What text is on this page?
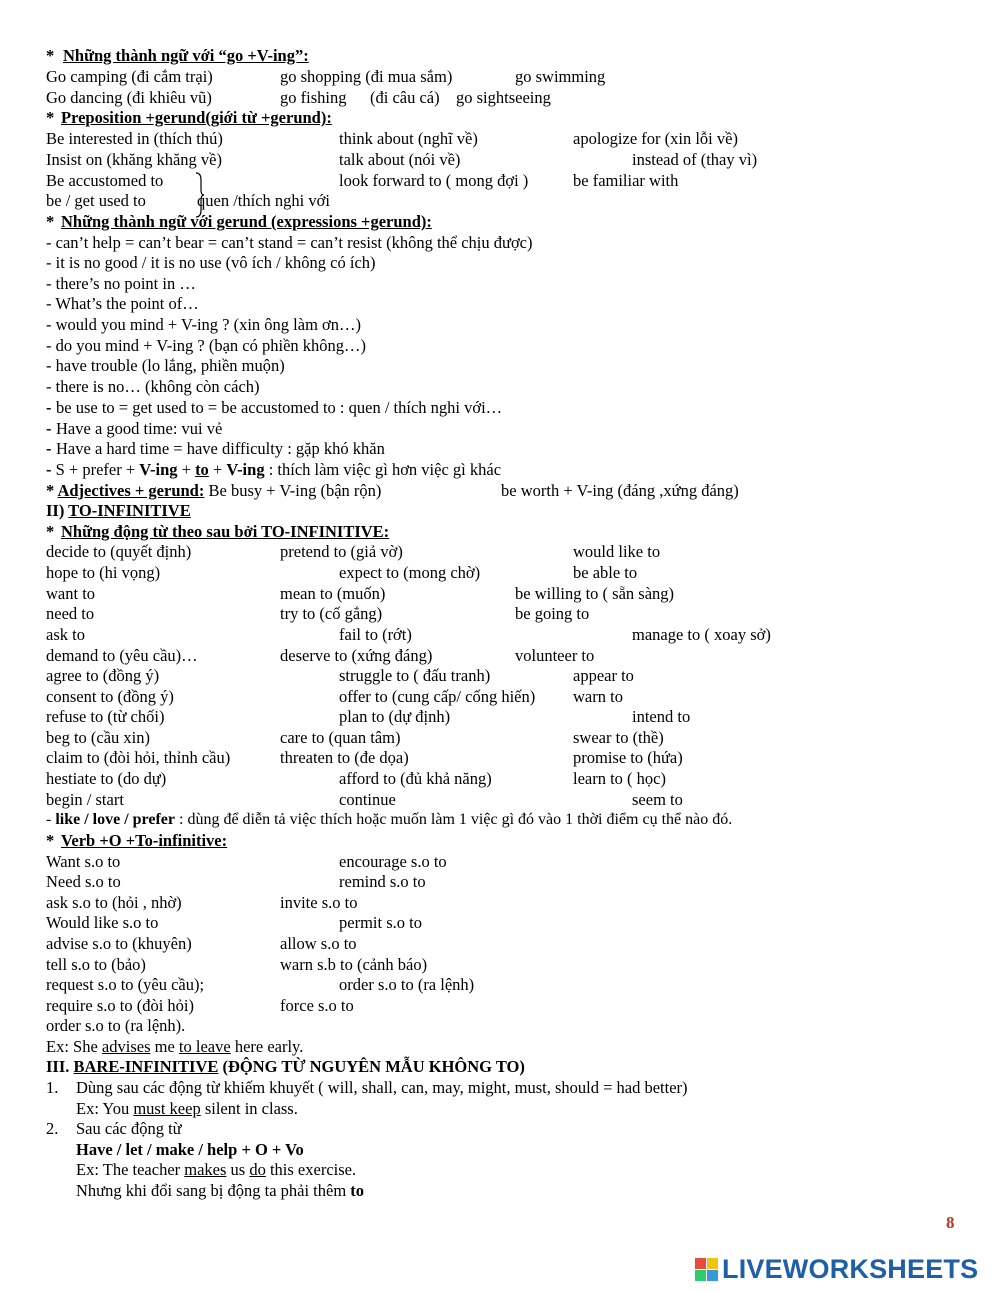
* Những thành ngữ với “go +V-ing”:
Go camping (đi cắm trại)	go shopping (đi mua sắm)	go swimming
Go dancing (đi khiêu vũ)	go fishing (đi câu cá) go sightseeing
* Preposition +gerund(giới từ +gerund):
Be interested in (thích thú)	think about (nghĩ về)	apologize for (xin lỗi về)
Insist on (khăng khăng về)	talk about (nói về)	instead of (thay vì)
Be accustomed to	look forward to ( mong đợi )	be familiar with
be / get used to	quen /thích nghi với
* Những thành ngữ với gerund (expressions +gerund):
- can’t help = can’t bear = can’t stand = can’t resist (không thể chịu được)
- it is no good / it is no use (vô ích / không có ích)
- there’s no point in …
- What’s the point of…
- would you mind + V-ing ? (xin ông làm ơn…)
- do you mind + V-ing ? (bạn có phiền không…)
- have trouble (lo lắng, phiền muộn)
- there is no… (không còn cách)
- be use to = get used to = be accustomed to : quen / thích nghi với…
- Have a good time: vui vẻ
- Have a hard time = have difficulty : gặp khó khăn
- S + prefer + V-ing + to + V-ing : thích làm việc gì hơn việc gì khác
* Adjectives + gerund: Be busy + V-ing (bận rộn)	be worth + V-ing (đáng ,xứng đáng)
II) TO-INFINITIVE
* Những động từ theo sau bởi TO-INFINITIVE:
decide to (quyết định)	pretend to (giả vờ)	would like to
hope to (hi vọng)	expect to (mong chờ)	be able to
want to	mean to (muốn)	be willing to ( sẵn sàng)
need to	try to (cố gắng)	be going to
ask to	fail to (rớt)	manage to ( xoay sở)
demand to (yêu cầu)…	deserve to (xứng đáng)	volunteer to
agree to (đồng ý)	struggle to ( đấu tranh)	appear to
consent to (đồng ý)	offer to (cung cấp/ cống hiến) warn to
refuse to (từ chối)	plan to (dự định)	intend to
beg to (cầu xin)	care to (quan tâm)	swear to (thề)
claim to (đòi hỏi, thỉnh cầu)	threaten to (đe dọa)	promise to (hứa)
hestiate to (do dự)	afford to (đủ khả năng)	learn to ( học)
begin / start	continue	seem to
- like / love / prefer : dùng để diễn tả việc thích hoặc muốn làm 1 việc gì đó vào 1 thời điểm cụ thể nào đó.
* Verb +O +To-infinitive:
Want s.o to	encourage s.o to
Need s.o to	remind s.o to
ask s.o to (hỏi , nhờ)	invite s.o to
Would like s.o to	permit s.o to
advise s.o to (khuyên)	allow s.o to
tell s.o to (bảo)	warn s.b to (cảnh báo)
request s.o to (yêu cầu);	order s.o to (ra lệnh)
require s.o to (đòi hỏi)	force s.o to
order s.o to (ra lệnh).
Ex: She advises me to leave here early.
III. BARE-INFINITIVE (ĐỘNG TỪ NGUYÊN MẪU KHÔNG TO)
1. Dùng sau các động từ khiếm khuyết ( will, shall, can, may, might, must, should = had better)
Ex: You must keep silent in class.
2. Sau các động từ
Have / let / make / help + O + Vo
Ex: The teacher makes us do this exercise.
Nhưng khi đổi sang bị động ta phải thêm to
8
LIVEWORKSHEETS
